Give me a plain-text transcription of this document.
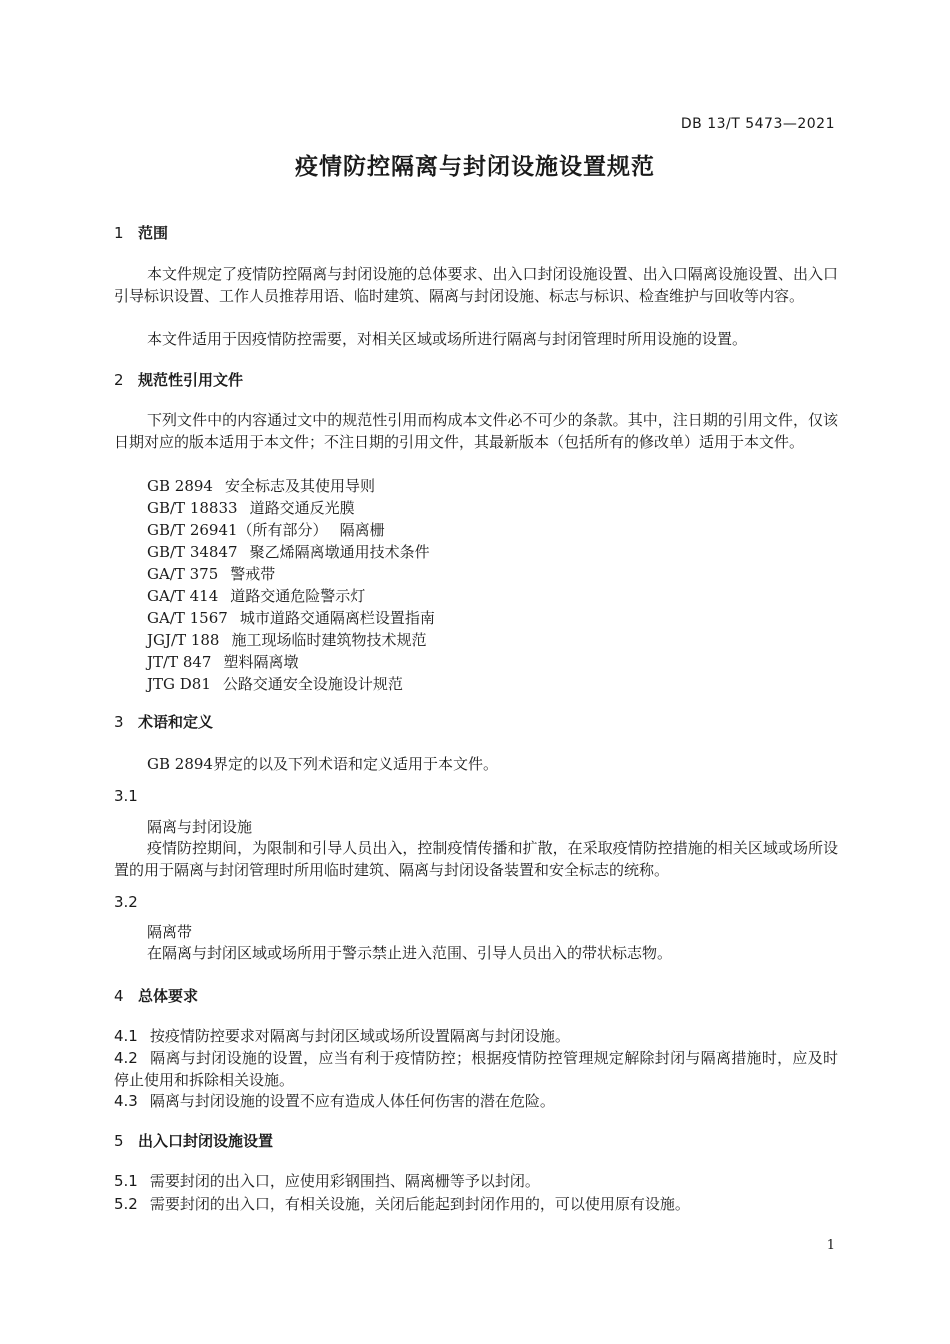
DB 13/T 5473—2021
疫情防控隔离与封闭设施设置规范
1 范围

本文件规定了疫情防控隔离与封闭设施的总体要求、出入口封闭设施设置、出入口隔离设施设置、出入口引导标识设置、工作人员推荐用语、临时建筑、隔离与封闭设施、标志与标识、检查维护与回收等内容。

本文件适用于因疫情防控需要，对相关区域或场所进行隔离与封闭管理时所用设施的设置。

2 规范性引用文件

下列文件中的内容通过文中的规范性引用而构成本文件必不可少的条款。其中，注日期的引用文件，仅该日期对应的版本适用于本文件；不注日期的引用文件，其最新版本（包括所有的修改单）适用于本文件。

GB 2894 安全标志及其使用导则
GB/T 18833 道路交通反光膜
GB/T 26941（所有部分） 隔离栅
GB/T 34847 聚乙烯隔离墩通用技术条件
GA/T 375 警戒带
GA/T 414 道路交通危险警示灯
GA/T 1567 城市道路交通隔离栏设置指南
JGJ/T 188 施工现场临时建筑物技术规范
JT/T 847 塑料隔离墩
JTG D81 公路交通安全设施设计规范
3 术语和定义

GB 2894界定的以及下列术语和定义适用于本文件。

3.1
隔离与封闭设施

疫情防控期间，为限制和引导人员出入，控制疫情传播和扩散，在采取疫情防控措施的相关区域或场所设置的用于隔离与封闭管理时所用临时建筑、隔离与封闭设备装置和安全标志的统称。

3.2
隔离带

在隔离与封闭区域或场所用于警示禁止进入范围、引导人员出入的带状标志物。

4 总体要求

4.1 按疫情防控要求对隔离与封闭区域或场所设置隔离与封闭设施。

4.2 隔离与封闭设施的设置，应当有利于疫情防控；根据疫情防控管理规定解除封闭与隔离措施时，应及时停止使用和拆除相关设施。

4.3 隔离与封闭设施的设置不应有造成人体任何伤害的潜在危险。

5 出入口封闭设施设置

5.1 需要封闭的出入口，应使用彩钢围挡、隔离栅等予以封闭。

5.2 需要封闭的出入口，有相关设施，关闭后能起到封闭作用的，可以使用原有设施。

1
